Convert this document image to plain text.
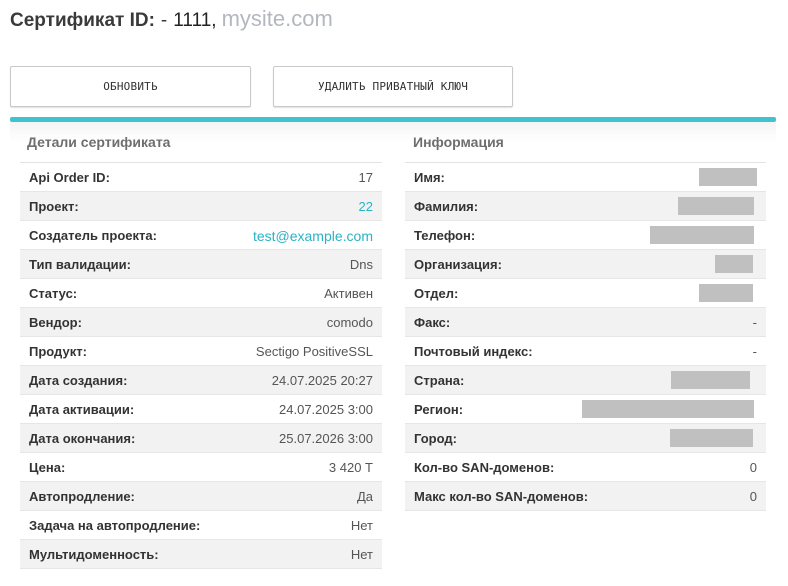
Сертификат ID: - 1111 , mysite.com
ОБНОВИТЬ	УДАЛИТЬ ПРИВАТНЫЙ КЛЮЧ
Детали сертификата
Api Order ID:	17
Проект:	22
Создатель проекта:	test@example.com
Тип валидации:	Dns
Статус:	Активен
Вендор:	comodo
Продукт:	Sectigo PositiveSSL
Дата создания:	24.07.2025 20:27
Дата активации:	24.07.2025 3:00
Дата окончания:	25.07.2026 3:00
Цена:	3 420 Т
Автопродление:	Да
Задача на автопродление:	Нет
Мультидоменность:	Нет
Информация
Имя:
Фамилия:
Телефон:
Организация:
Отдел:
Факс:	-
Почтовый индекс:	-
Страна:
Регион:
Город:
Кол-во SAN-доменов:	0
Макс кол-во SAN-доменов:	0
